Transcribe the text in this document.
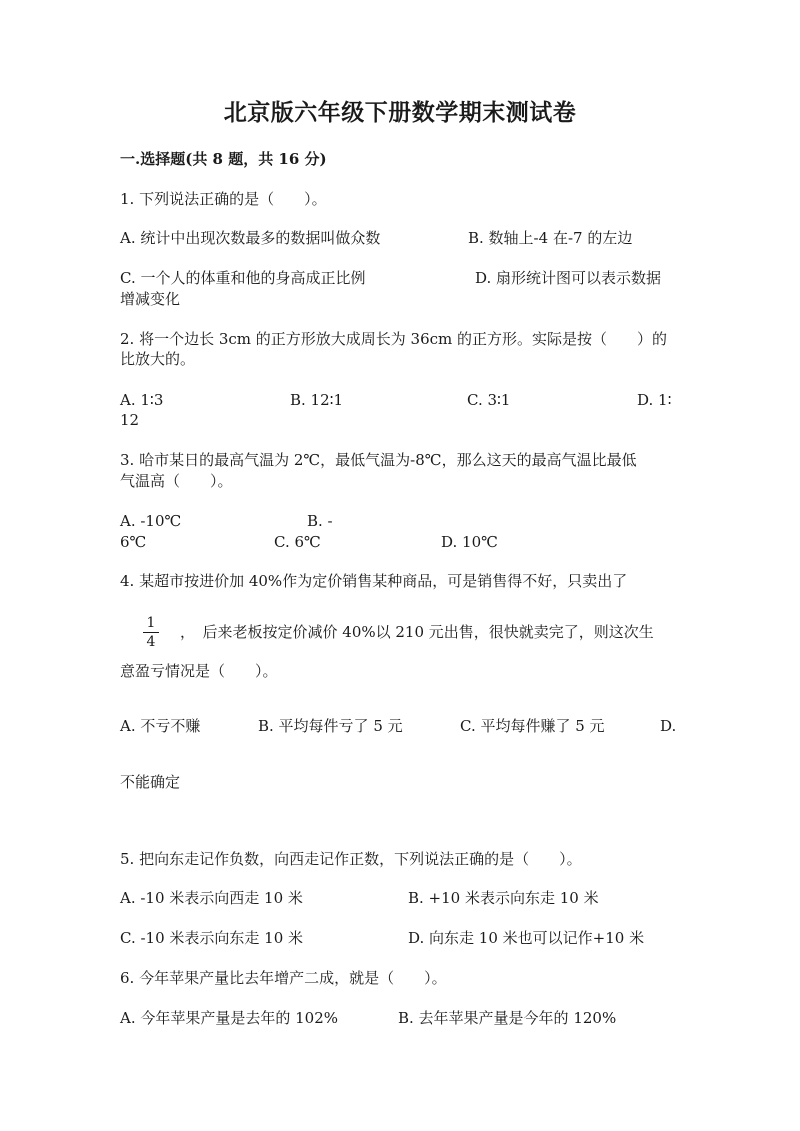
北京版六年级下册数学期末测试卷
一.选择题(共 8 题，共 16 分)
1. 下列说法正确的是（　　）。
A. 统计中出现次数最多的数据叫做众数	B. 数轴上-4 在-7 的左边
C. 一个人的体重和他的身高成正比例	D. 扇形统计图可以表示数据
增减变化
2. 将一个边长 3cm 的正方形放大成周长为 36cm 的正方形。实际是按（　　）的
比放大的。
A. 1∶3	B. 12∶1	C. 3∶1	D. 1∶
12
3. 哈市某日的最高气温为 2℃，最低气温为-8℃，那么这天的最高气温比最低
气温高（　　）。
A. -10℃	B. -
6℃	C. 6℃	D. 10℃
4. 某超市按进价加 40%作为定价销售某种商品，可是销售得不好，只卖出了
1
4
，　后来老板按定价减价 40%以 210 元出售，很快就卖完了，则这次生
意盈亏情况是（　　）。
A. 不亏不赚	B. 平均每件亏了 5 元	C. 平均每件赚了 5 元	D.
不能确定
5. 把向东走记作负数，向西走记作正数，下列说法正确的是（　　）。
A. -10 米表示向西走 10 米	B. +10 米表示向东走 10 米
C. -10 米表示向东走 10 米	D. 向东走 10 米也可以记作+10 米
6. 今年苹果产量比去年增产二成，就是（　　）。
A. 今年苹果产量是去年的 102%	B. 去年苹果产量是今年的 120%
